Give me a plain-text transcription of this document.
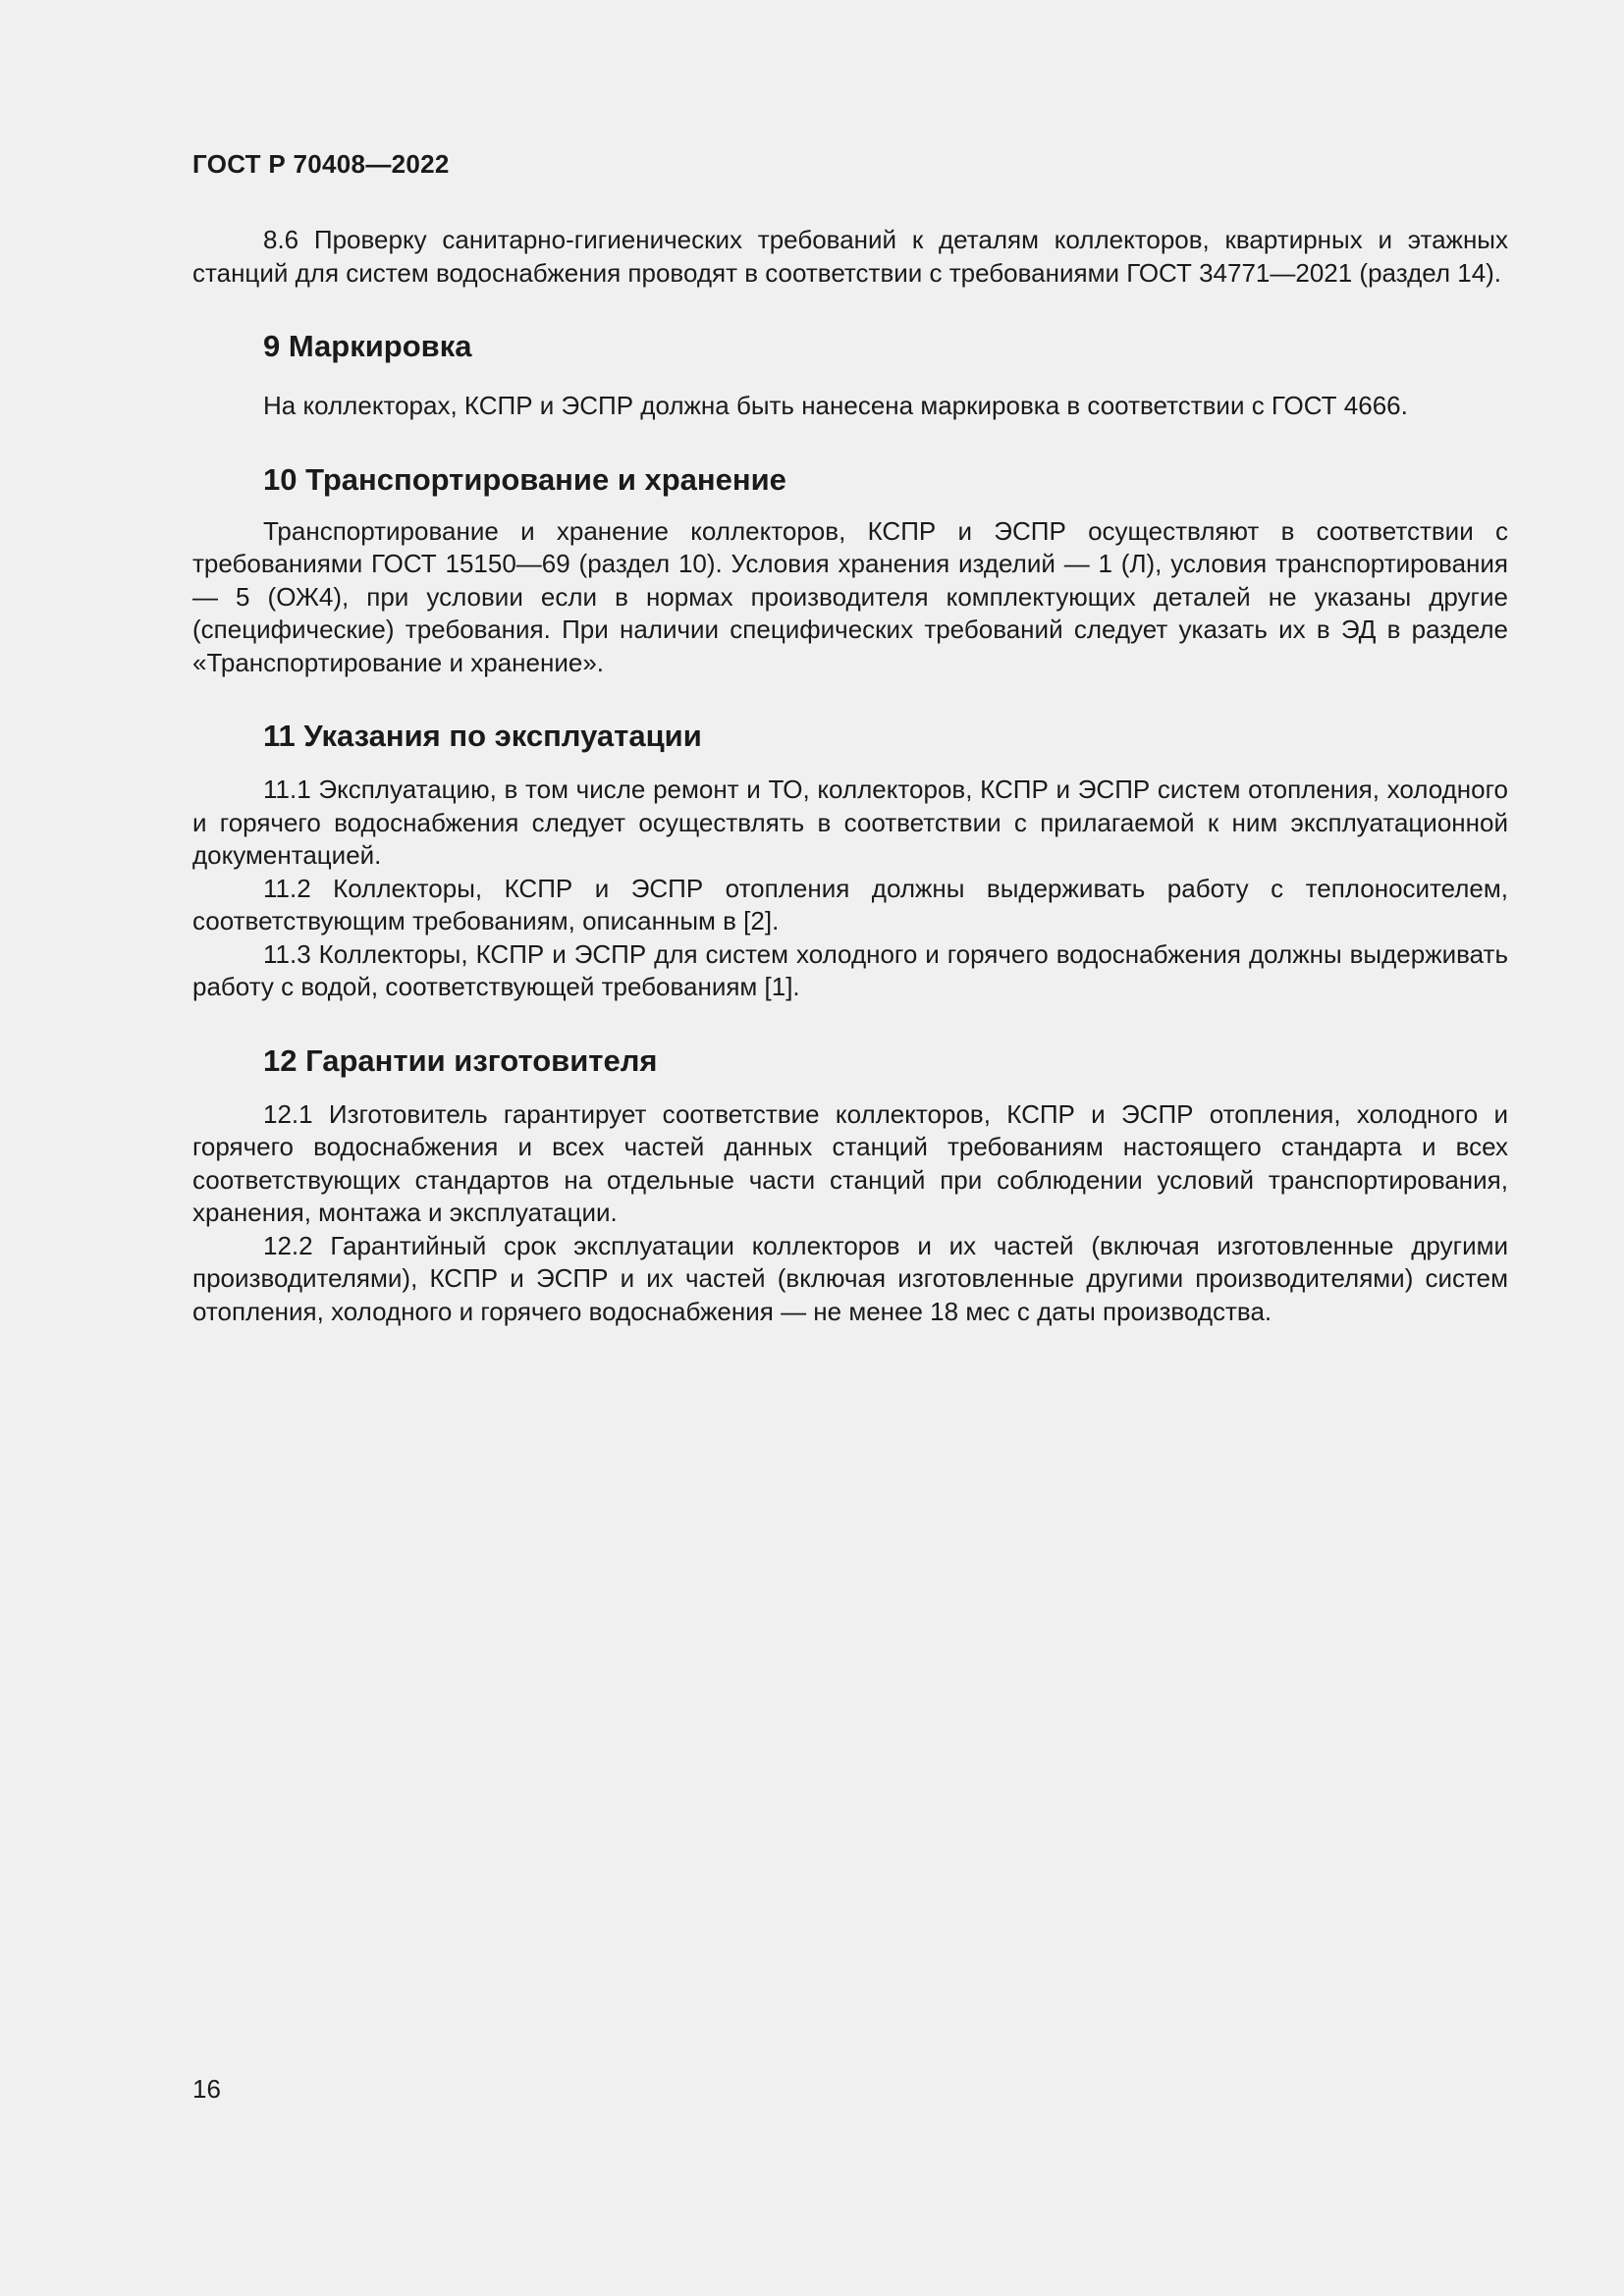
ГОСТ Р 70408—2022

8.6 Проверку санитарно-гигиенических требований к деталям коллекторов, квартирных и этажных станций для систем водоснабжения проводят в соответствии с требованиями ГОСТ 34771—2021 (раздел 14).

9 Маркировка

На коллекторах, КСПР и ЭСПР должна быть нанесена маркировка в соответствии с ГОСТ 4666.

10 Транспортирование и хранение

Транспортирование и хранение коллекторов, КСПР и ЭСПР осуществляют в соответствии с требованиями ГОСТ 15150—69 (раздел 10). Условия хранения изделий — 1 (Л), условия транспортирования — 5 (ОЖ4), при условии если в нормах производителя комплектующих деталей не указаны другие (специфические) требования. При наличии специфических требований следует указать их в ЭД в разделе «Транспортирование и хранение».

11 Указания по эксплуатации

11.1 Эксплуатацию, в том числе ремонт и ТО, коллекторов, КСПР и ЭСПР систем отопления, холодного и горячего водоснабжения следует осуществлять в соответствии с прилагаемой к ним эксплуатационной документацией.

11.2 Коллекторы, КСПР и ЭСПР отопления должны выдерживать работу с теплоносителем, соответствующим требованиям, описанным в [2].

11.3 Коллекторы, КСПР и ЭСПР для систем холодного и горячего водоснабжения должны выдерживать работу с водой, соответствующей требованиям [1].

12 Гарантии изготовителя

12.1 Изготовитель гарантирует соответствие коллекторов, КСПР и ЭСПР отопления, холодного и горячего водоснабжения и всех частей данных станций требованиям настоящего стандарта и всех соответствующих стандартов на отдельные части станций при соблюдении условий транспортирования, хранения, монтажа и эксплуатации.

12.2 Гарантийный срок эксплуатации коллекторов и их частей (включая изготовленные другими производителями), КСПР и ЭСПР и их частей (включая изготовленные другими производителями) систем отопления, холодного и горячего водоснабжения — не менее 18 мес с даты производства.

16
